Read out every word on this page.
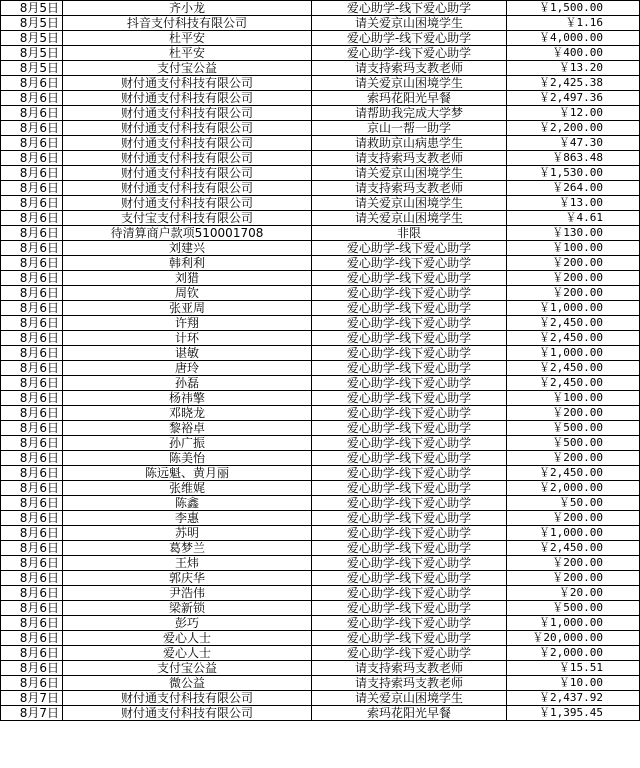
8月5日	齐小龙	爱心助学-线下爱心助学	￥1,500.00
8月5日	抖音支付科技有限公司	请关爱京山困境学生	￥1.16
8月5日	杜平安	爱心助学-线下爱心助学	￥4,000.00
8月5日	杜平安	爱心助学-线下爱心助学	￥400.00
8月5日	支付宝公益	请支持索玛支教老师	￥13.20
8月6日	财付通支付科技有限公司	请关爱京山困境学生	￥2,425.38
8月6日	财付通支付科技有限公司	索玛花阳光早餐	￥2,497.36
8月6日	财付通支付科技有限公司	请帮助我完成大学梦	￥12.00
8月6日	财付通支付科技有限公司	京山一帮一助学	￥2,200.00
8月6日	财付通支付科技有限公司	请救助京山病患学生	￥47.30
8月6日	财付通支付科技有限公司	请支持索玛支教老师	￥863.48
8月6日	财付通支付科技有限公司	请关爱京山困境学生	￥1,530.00
8月6日	财付通支付科技有限公司	请支持索玛支教老师	￥264.00
8月6日	财付通支付科技有限公司	请关爱京山困境学生	￥13.00
8月6日	支付宝支付科技有限公司	请关爱京山困境学生	￥4.61
8月6日	待清算商户款项510001708	非限	￥130.00
8月6日	刘建兴	爱心助学-线下爱心助学	￥100.00
8月6日	韩利利	爱心助学-线下爱心助学	￥200.00
8月6日	刘猎	爱心助学-线下爱心助学	￥200.00
8月6日	周钦	爱心助学-线下爱心助学	￥200.00
8月6日	张亚周	爱心助学-线下爱心助学	￥1,000.00
8月6日	许翔	爱心助学-线下爱心助学	￥2,450.00
8月6日	计环	爱心助学-线下爱心助学	￥2,450.00
8月6日	谌敏	爱心助学-线下爱心助学	￥1,000.00
8月6日	唐玲	爱心助学-线下爱心助学	￥2,450.00
8月6日	孙磊	爱心助学-线下爱心助学	￥2,450.00
8月6日	杨祎擎	爱心助学-线下爱心助学	￥100.00
8月6日	邓晓龙	爱心助学-线下爱心助学	￥200.00
8月6日	黎裕卓	爱心助学-线下爱心助学	￥500.00
8月6日	孙广振	爱心助学-线下爱心助学	￥500.00
8月6日	陈美怡	爱心助学-线下爱心助学	￥200.00
8月6日	陈远魁、黄月丽	爱心助学-线下爱心助学	￥2,450.00
8月6日	张维娓	爱心助学-线下爱心助学	￥2,000.00
8月6日	陈鑫	爱心助学-线下爱心助学	￥50.00
8月6日	李惠	爱心助学-线下爱心助学	￥200.00
8月6日	苏明	爱心助学-线下爱心助学	￥1,000.00
8月6日	葛梦兰	爱心助学-线下爱心助学	￥2,450.00
8月6日	王炜	爱心助学-线下爱心助学	￥200.00
8月6日	郭庆华	爱心助学-线下爱心助学	￥200.00
8月6日	尹浩伟	爱心助学-线下爱心助学	￥20.00
8月6日	梁新锁	爱心助学-线下爱心助学	￥500.00
8月6日	彭巧	爱心助学-线下爱心助学	￥1,000.00
8月6日	爱心人士	爱心助学-线下爱心助学	￥20,000.00
8月6日	爱心人士	爱心助学-线下爱心助学	￥2,000.00
8月6日	支付宝公益	请支持索玛支教老师	￥15.51
8月6日	微公益	请支持索玛支教老师	￥10.00
8月7日	财付通支付科技有限公司	请关爱京山困境学生	￥2,437.92
8月7日	财付通支付科技有限公司	索玛花阳光早餐	￥1,395.45
